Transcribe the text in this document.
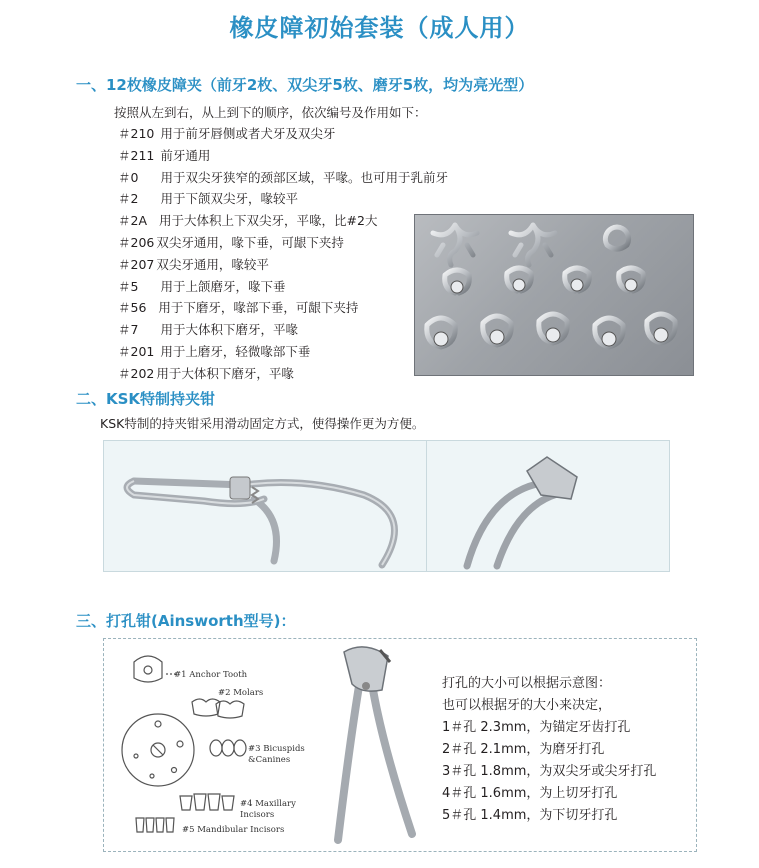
橡皮障初始套装（成人用）
一、12枚橡皮障夹（前牙2枚、双尖牙5枚、磨牙5枚，均为亮光型）
按照从左到右，从上到下的顺序，依次编号及作用如下：
＃210 用于前牙唇侧或者犬牙及双尖牙
＃211 前牙通用
＃0 用于双尖牙狭窄的颈部区域，平喙。也可用于乳前牙
＃2 用于下颌双尖牙，喙较平
＃2A 用于大体积上下双尖牙，平喙，比#2大
＃206 双尖牙通用，喙下垂，可龈下夹持
＃207 双尖牙通用，喙较平
＃5 用于上颌磨牙，喙下垂
＃56 用于下磨牙，喙部下垂，可龈下夹持
＃7 用于大体积下磨牙，平喙
＃201 用于上磨牙，轻微喙部下垂
＃202 用于大体积下磨牙，平喙
二、KSK特制持夹钳
KSK特制的持夹钳采用滑动固定方式，使得操作更为方便。
三、打孔钳(Ainsworth型号)：
#1 Anchor Tooth
#2 Molars
#3 Bicuspids
&Canines
#4 Maxillary
Incisors
#5 Mandibular Incisors
打孔的大小可以根据示意图：
也可以根据牙的大小来决定，
1＃孔 2.3mm，为锚定牙齿打孔
2＃孔 2.1mm，为磨牙打孔
3＃孔 1.8mm，为双尖牙或尖牙打孔
4＃孔 1.6mm，为上切牙打孔
5＃孔 1.4mm，为下切牙打孔
